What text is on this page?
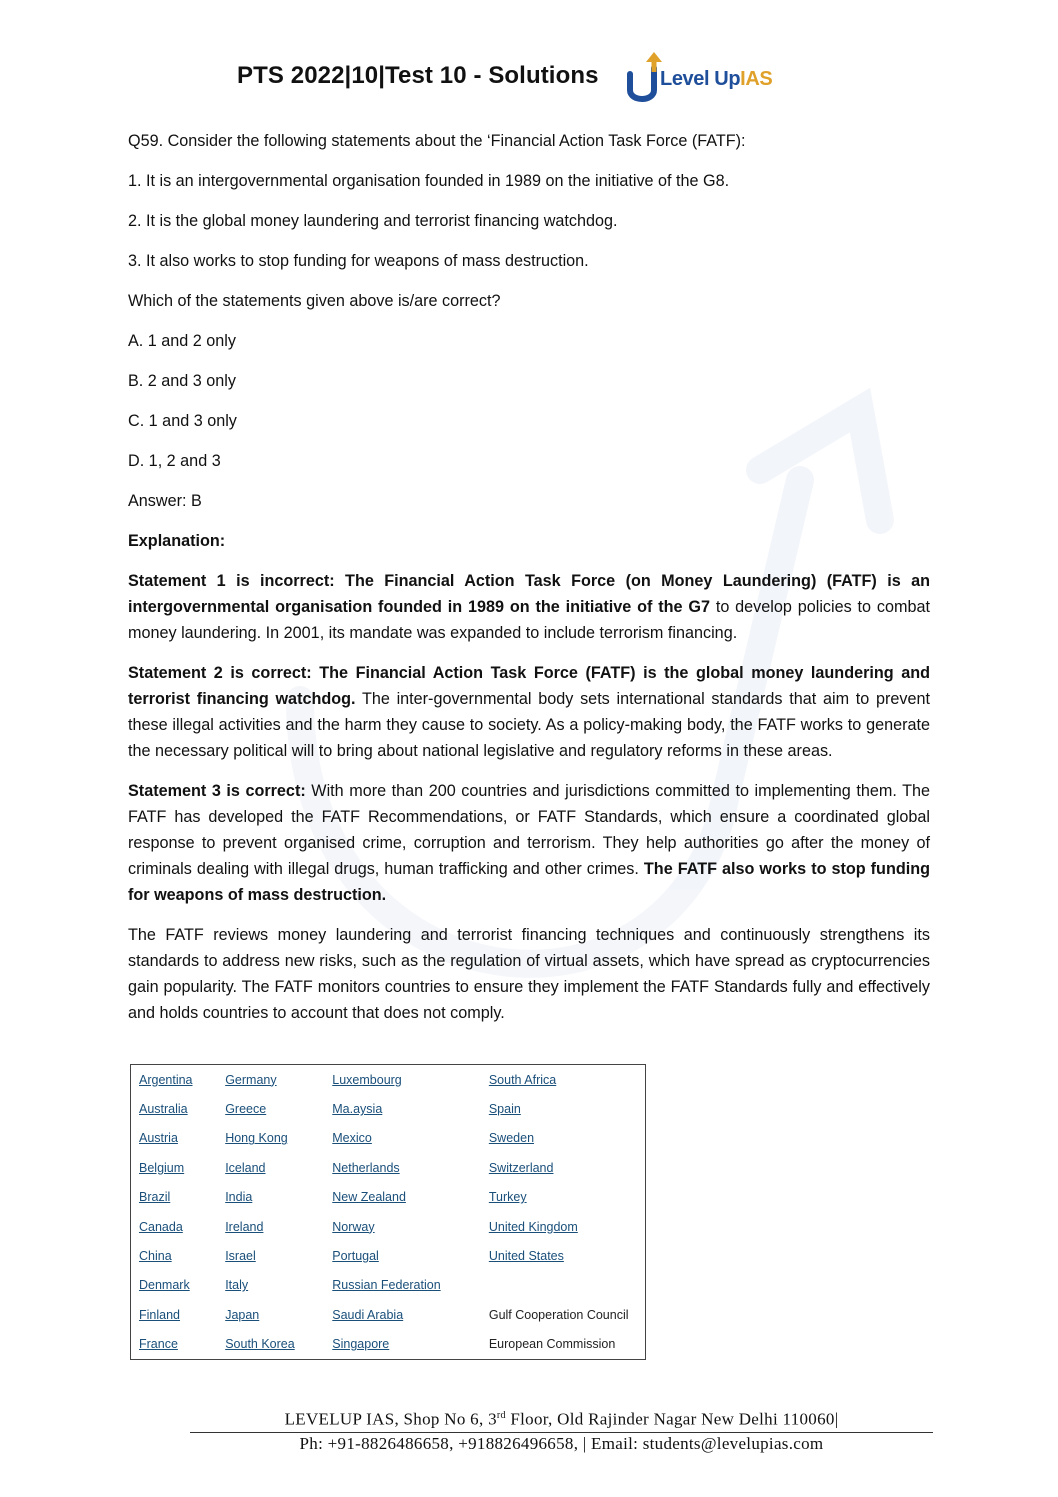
PTS 2022|10|Test 10 - Solutions	Level UpIAS

Q59. Consider the following statements about the ‘Financial Action Task Force (FATF):

1. It is an intergovernmental organisation founded in 1989 on the initiative of the G8.

2. It is the global money laundering and terrorist financing watchdog.

3. It also works to stop funding for weapons of mass destruction.

Which of the statements given above is/are correct?

A. 1 and 2 only

B. 2 and 3 only

C. 1 and 3 only

D. 1, 2 and 3

Answer: B

Explanation:

Statement 1 is incorrect: The Financial Action Task Force (on Money Laundering) (FATF) is an intergovernmental organisation founded in 1989 on the initiative of the G7 to develop policies to combat money laundering. In 2001, its mandate was expanded to include terrorism financing.

Statement 2 is correct: The Financial Action Task Force (FATF) is the global money laundering and terrorist financing watchdog. The inter-governmental body sets international standards that aim to prevent these illegal activities and the harm they cause to society. As a policy-making body, the FATF works to generate the necessary political will to bring about national legislative and regulatory reforms in these areas.

Statement 3 is correct: With more than 200 countries and jurisdictions committed to implementing them. The FATF has developed the FATF Recommendations, or FATF Standards, which ensure a coordinated global response to prevent organised crime, corruption and terrorism. They help authorities go after the money of criminals dealing with illegal drugs, human trafficking and other crimes. The FATF also works to stop funding for weapons of mass destruction.

The FATF reviews money laundering and terrorist financing techniques and continuously strengthens its standards to address new risks, such as the regulation of virtual assets, which have spread as cryptocurrencies gain popularity. The FATF monitors countries to ensure they implement the FATF Standards fully and effectively and holds countries to account that does not comply.

Argentina	Germany	Luxembourg	South Africa
Australia	Greece	Ma.aysia	Spain
Austria	Hong Kong	Mexico	Sweden
Belgium	Iceland	Netherlands	Switzerland
Brazil	India	New Zealand	Turkey
Canada	Ireland	Norway	United Kingdom
China	Israel	Portugal	United States
Denmark	Italy	Russian Federation	
Finland	Japan	Saudi Arabia	Gulf Cooperation Council
France	South Korea	Singapore	European Commission
LEVELUP IAS, Shop No 6, 3rd Floor, Old Rajinder Nagar New Delhi 110060|
Ph: +91-8826486658, +918826496658, | Email: students@levelupias.com
